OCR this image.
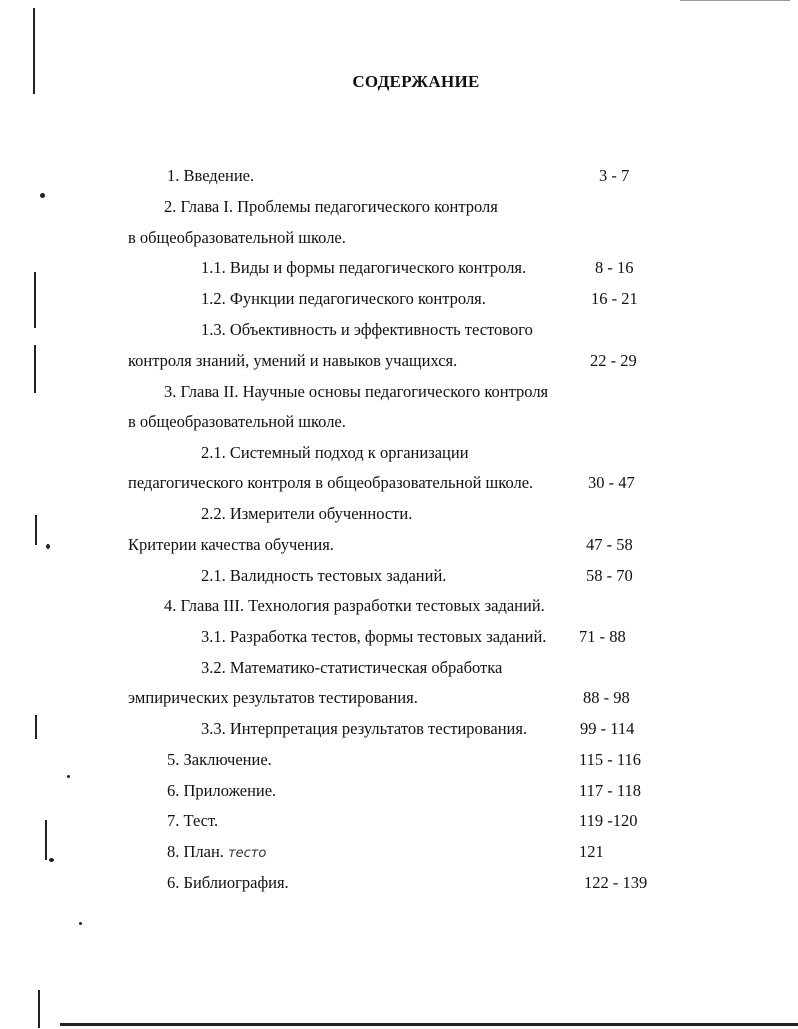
СОДЕРЖАНИЕ
1. Введение.	3 - 7
2. Глава I. Проблемы педагогического контроля
в общеобразовательной школе.
1.1. Виды и формы педагогического контроля.	8 - 16
1.2. Функции педагогического контроля.	16 - 21
1.3. Объективность и эффективность тестового
контроля знаний, умений и навыков учащихся.	22 - 29
3. Глава II. Научные основы педагогического контроля
в общеобразовательной школе.
2.1. Системный подход к организации
педагогического контроля в общеобразовательной школе.	30 - 47
2.2. Измерители обученности.
Критерии качества обучения.	47 - 58
2.1. Валидность тестовых заданий.	58 - 70
4. Глава III. Технология разработки тестовых заданий.
3.1. Разработка тестов, формы тестовых заданий. 71 - 88
3.2. Математико-статистическая обработка
эмпирических результатов тестирования.	88 - 98
3.3. Интерпретация результатов тестирования.	99 - 114
5. Заключение.	115 - 116
6. Приложение.	117 - 118
7. Тест.	119 -120
8. План. тесто	121
6. Библиография.	122 - 139
